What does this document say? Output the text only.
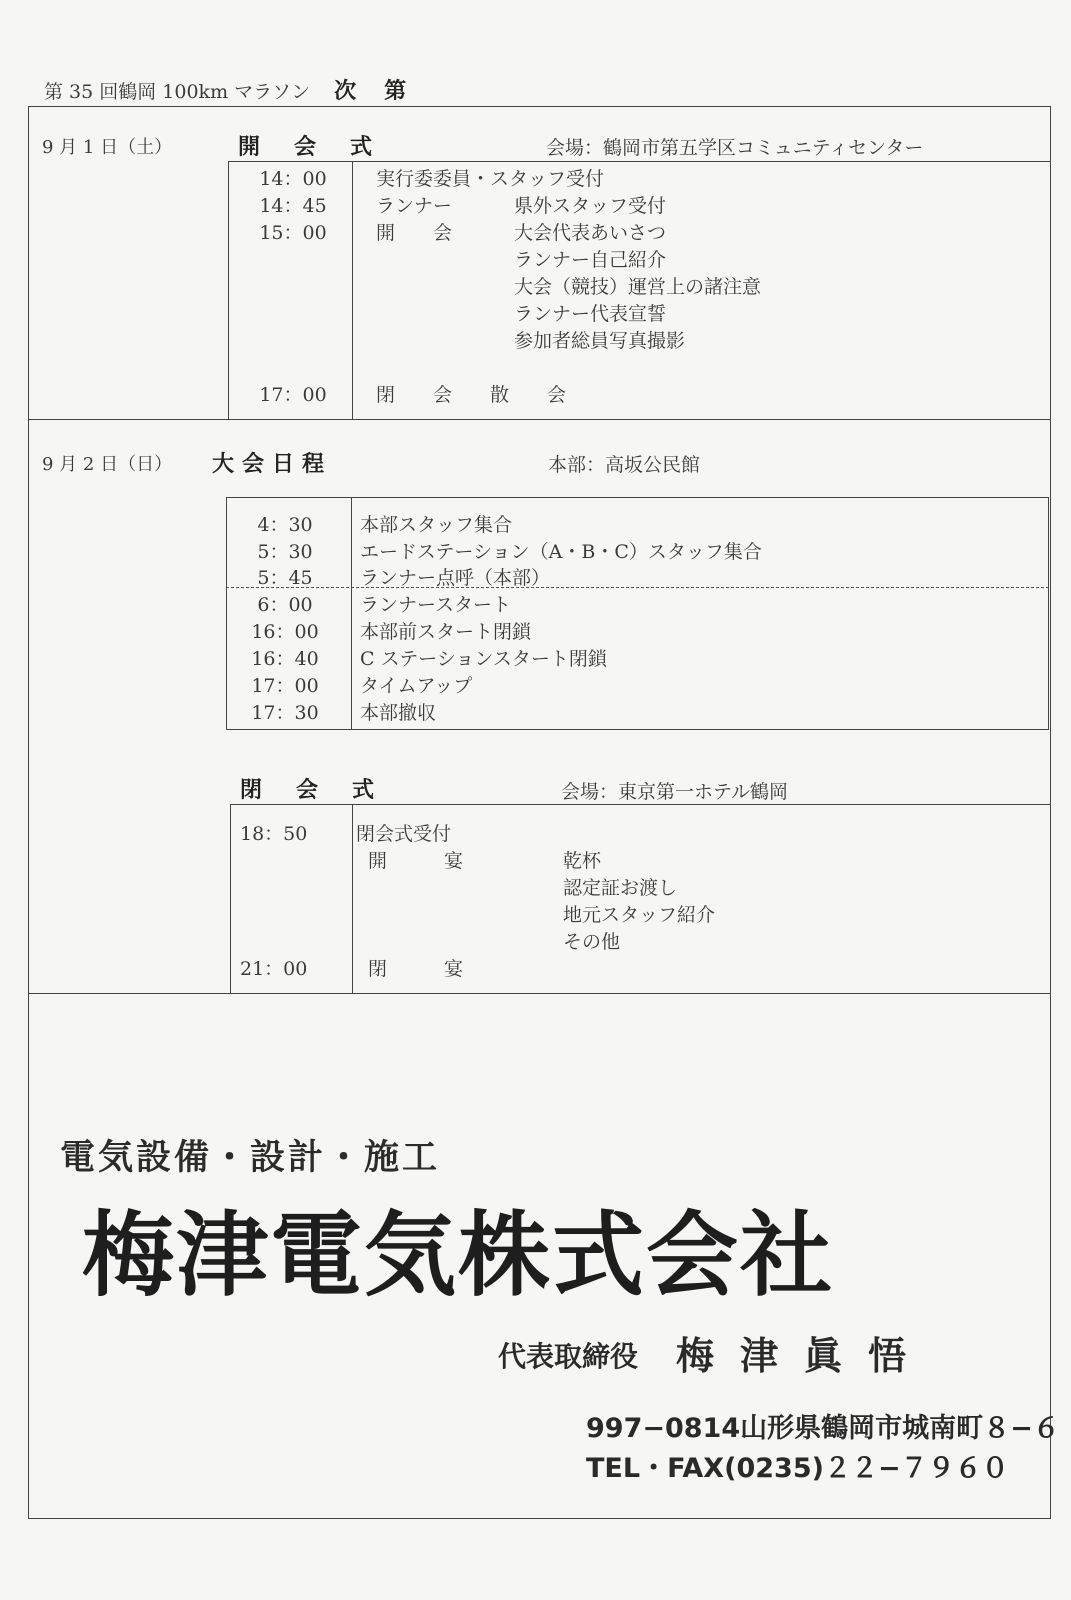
第 35 回鶴岡 100km マラソン 次第
9 月 1 日（土）	開　会　式	会場：鶴岡市第五学区コミュニティセンター
14：00	実行委委員・スタッフ受付
14：45	ランナー	県外スタッフ受付
15：00	開　　会	大会代表あいさつ
ランナー自己紹介
大会（競技）運営上の諸注意
ランナー代表宣誓
参加者総員写真撮影
17：00	閉　　会　　散　　会
9 月 2 日（日） 大会日程	本部：高坂公民館
4：30	本部スタッフ集合
5：30	エードステーション（A・B・C）スタッフ集合
5：45	ランナー点呼（本部）
6：00	ランナースタート
16：00	本部前スタート閉鎖
16：40	C ステーションスタート閉鎖
17：00	タイムアップ
17：30	本部撤収
閉　会　式	会場：東京第一ホテル鶴岡
18：50	閉会式受付
開　　　宴	乾杯
認定証お渡し
地元スタッフ紹介
その他
21：00	閉　　　宴
電気設備・設計・施工
梅津電気株式会社
代表取締役 梅津眞悟
997−0814山形県鶴岡市城南町８−６
TEL・FAX(0235)２２−７９６０
